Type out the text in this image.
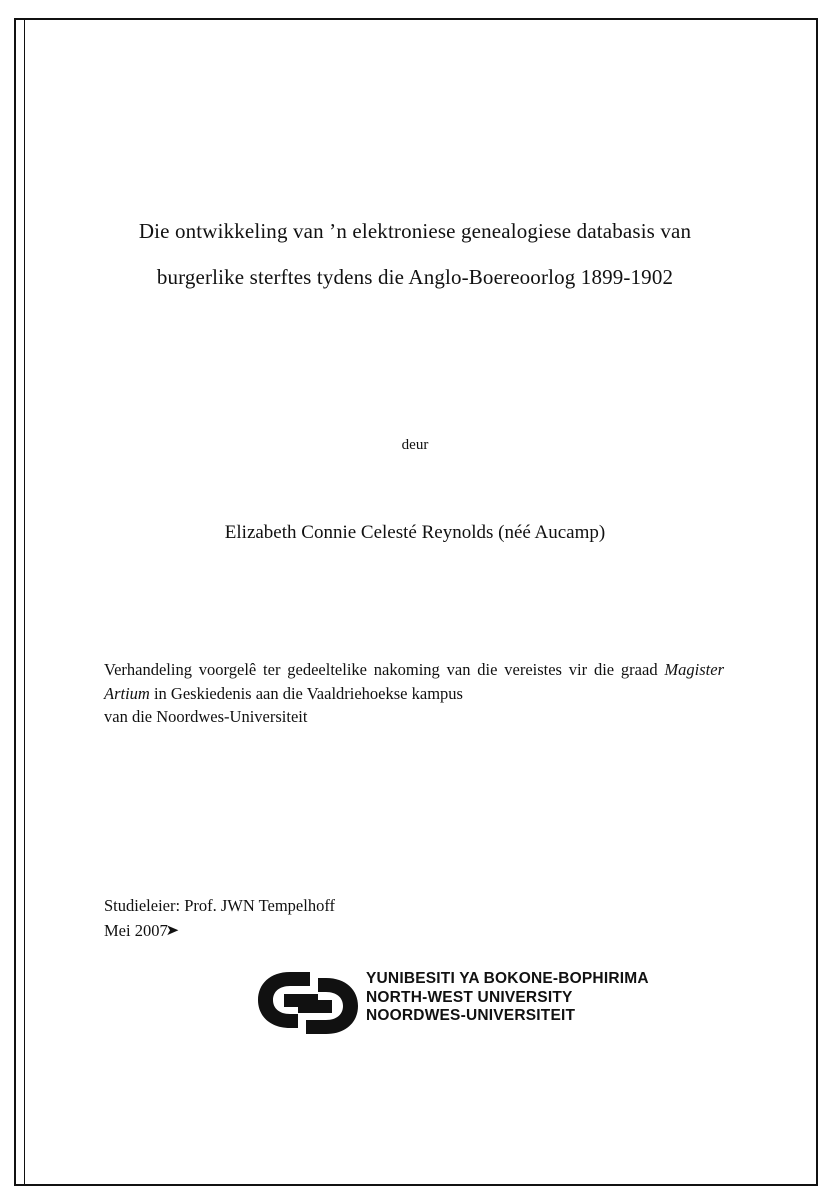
Die ontwikkeling van ’n elektroniese genealogiese databasis van
burgerlike sterftes tydens die Anglo-Boereoorlog 1899-1902
deur
Elizabeth Connie Celesté Reynolds (néé Aucamp)
Verhandeling voorgelê ter gedeeltelike nakoming van die vereistes vir die graad Magister Artium in Geskiedenis aan die Vaaldriehoekse kampus
van die Noordwes-Universiteit
Studieleier: Prof. JWN Tempelhoff
Mei 2007➤
YUNIBESITI YA BOKONE-BOPHIRIMA
NORTH-WEST UNIVERSITY
NOORDWES-UNIVERSITEIT
